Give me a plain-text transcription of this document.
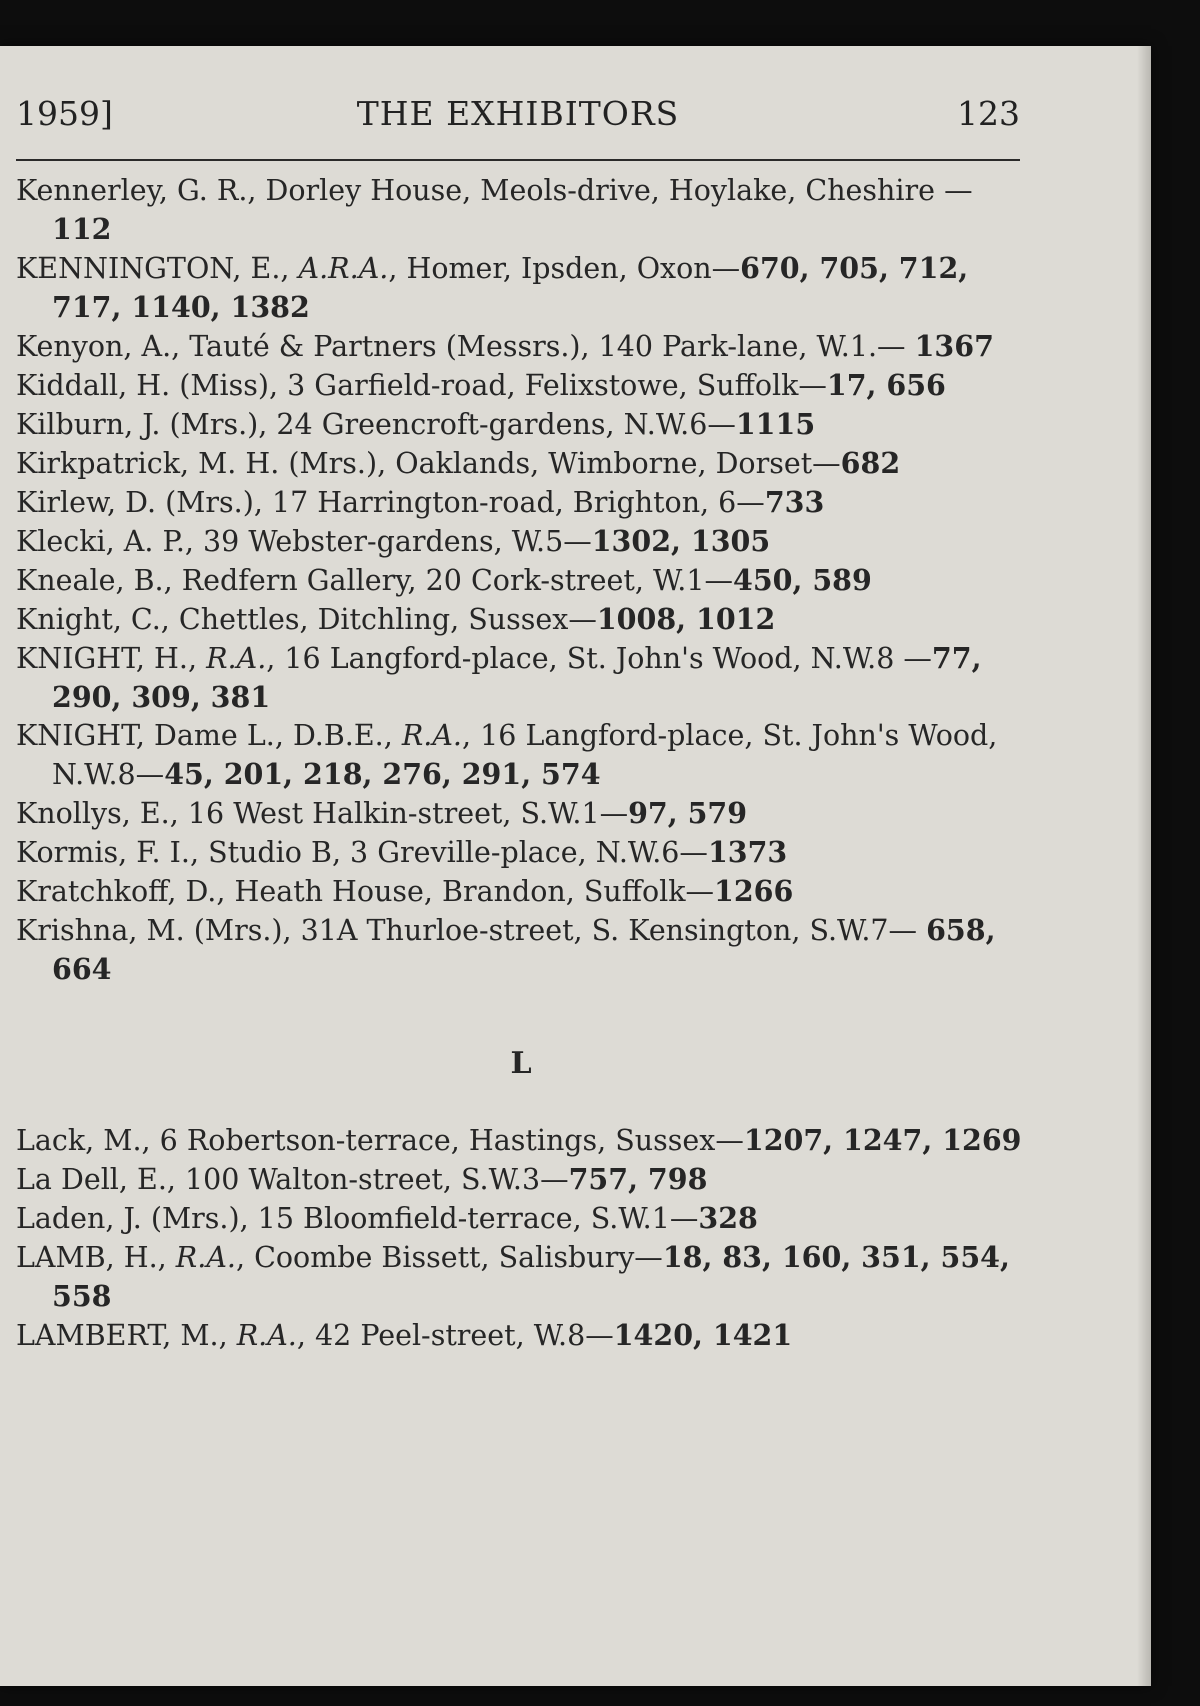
1959]	THE EXHIBITORS	123
Kennerley, G. R., Dorley House, Meols-drive, Hoylake, Cheshire —112
KENNINGTON, E., A.R.A., Homer, Ipsden, Oxon—670, 705, 712, 717, 1140, 1382
Kenyon, A., Tauté & Partners (Messrs.), 140 Park-lane, W.1.— 1367
Kiddall, H. (Miss), 3 Garfield-road, Felixstowe, Suffolk—17, 656
Kilburn, J. (Mrs.), 24 Greencroft-gardens, N.W.6—1115
Kirkpatrick, M. H. (Mrs.), Oaklands, Wimborne, Dorset—682
Kirlew, D. (Mrs.), 17 Harrington-road, Brighton, 6—733
Klecki, A. P., 39 Webster-gardens, W.5—1302, 1305
Kneale, B., Redfern Gallery, 20 Cork-street, W.1—450, 589
Knight, C., Chettles, Ditchling, Sussex—1008, 1012
KNIGHT, H., R.A., 16 Langford-place, St. John's Wood, N.W.8 —77, 290, 309, 381
KNIGHT, Dame L., D.B.E., R.A., 16 Langford-place, St. John's Wood, N.W.8—45, 201, 218, 276, 291, 574
Knollys, E., 16 West Halkin-street, S.W.1—97, 579
Kormis, F. I., Studio B, 3 Greville-place, N.W.6—1373
Kratchkoff, D., Heath House, Brandon, Suffolk—1266
Krishna, M. (Mrs.), 31A Thurloe-street, S. Kensington, S.W.7— 658, 664
L
Lack, M., 6 Robertson-terrace, Hastings, Sussex—1207, 1247, 1269
La Dell, E., 100 Walton-street, S.W.3—757, 798
Laden, J. (Mrs.), 15 Bloomfield-terrace, S.W.1—328
LAMB, H., R.A., Coombe Bissett, Salisbury—18, 83, 160, 351, 554, 558
LAMBERT, M., R.A., 42 Peel-street, W.8—1420, 1421
